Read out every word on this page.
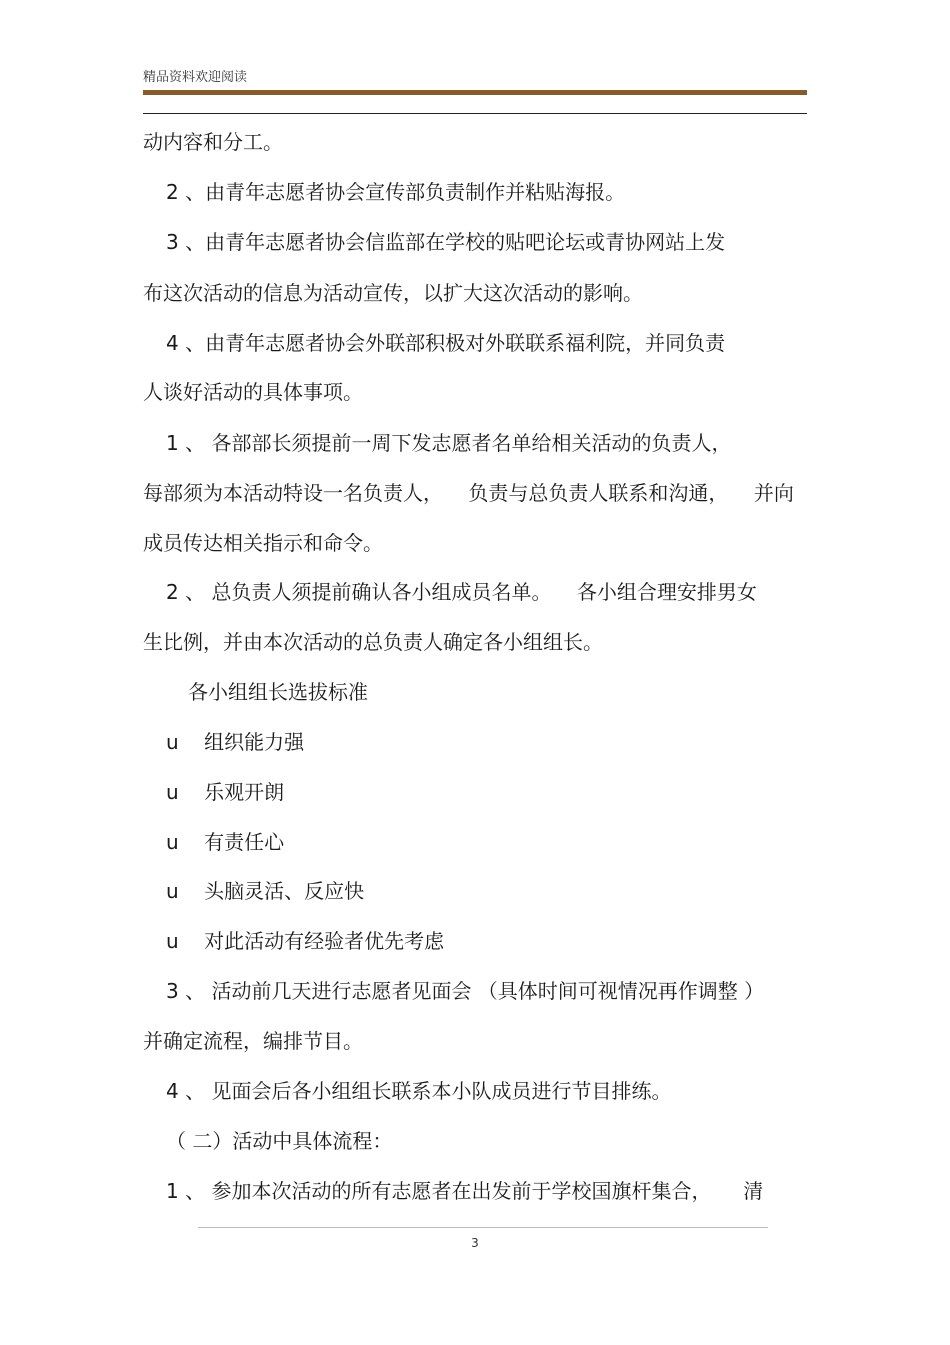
精品资料欢迎阅读
动内容和分工。
2 、由青年志愿者协会宣传部负责制作并粘贴海报。
3 、由青年志愿者协会信监部在学校的贴吧论坛或青协网站上发
布这次活动的信息为活动宣传，以扩大这次活动的影响。
4 、由青年志愿者协会外联部积极对外联联系福利院，并同负责
人谈好活动的具体事项。
1 、 各部部长须提前一周下发志愿者名单给相关活动的负责人，
每部须为本活动特设一名负责人，    负责与总负责人联系和沟通，    并向
成员传达相关指示和命令。
2 、 总负责人须提前确认各小组成员名单。    各小组合理安排男女
生比例，并由本次活动的总负责人确定各小组组长。
各小组组长选拔标准
u    组织能力强
u    乐观开朗
u    有责任心
u    头脑灵活、反应快
u    对此活动有经验者优先考虑
3 、 活动前几天进行志愿者见面会 （具体时间可视情况再作调整 ）
并确定流程，编排节目。
4 、 见面会后各小组组长联系本小队成员进行节目排练。
（ 二）活动中具体流程：
1 、 参加本次活动的所有志愿者在出发前于学校国旗杆集合，     清
3
